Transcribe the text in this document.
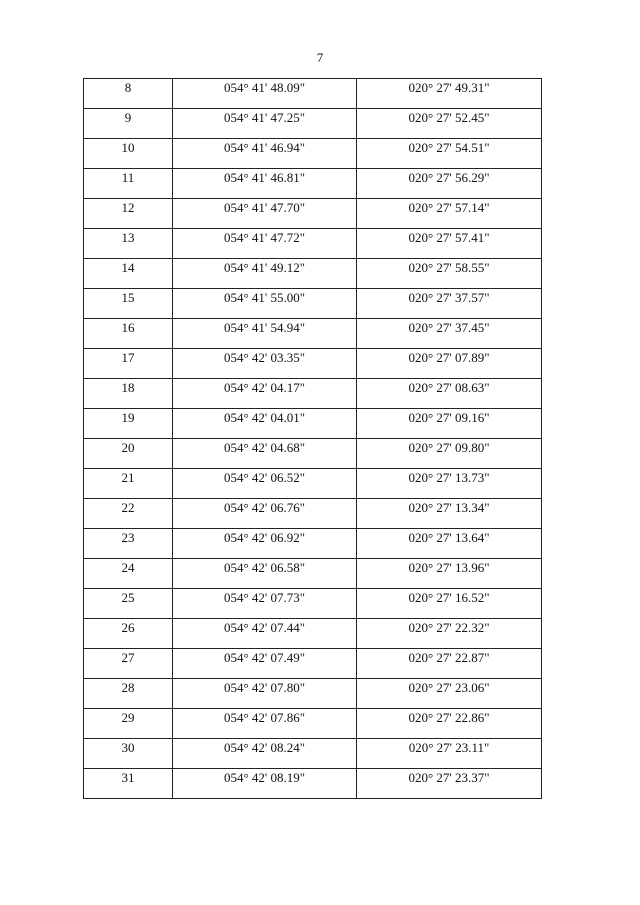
7
8	054° 41' 48.09"	020° 27' 49.31"
9	054° 41' 47.25"	020° 27' 52.45"
10	054° 41' 46.94"	020° 27' 54.51"
11	054° 41' 46.81"	020° 27' 56.29"
12	054° 41' 47.70"	020° 27' 57.14"
13	054° 41' 47.72"	020° 27' 57.41"
14	054° 41' 49.12"	020° 27' 58.55"
15	054° 41' 55.00"	020° 27' 37.57"
16	054° 41' 54.94"	020° 27' 37.45"
17	054° 42' 03.35"	020° 27' 07.89"
18	054° 42' 04.17"	020° 27' 08.63"
19	054° 42' 04.01"	020° 27' 09.16"
20	054° 42' 04.68"	020° 27' 09.80"
21	054° 42' 06.52"	020° 27' 13.73"
22	054° 42' 06.76"	020° 27' 13.34"
23	054° 42' 06.92"	020° 27' 13.64"
24	054° 42' 06.58"	020° 27' 13.96"
25	054° 42' 07.73"	020° 27' 16.52"
26	054° 42' 07.44"	020° 27' 22.32"
27	054° 42' 07.49"	020° 27' 22.87"
28	054° 42' 07.80"	020° 27' 23.06"
29	054° 42' 07.86"	020° 27' 22.86"
30	054° 42' 08.24"	020° 27' 23.11"
31	054° 42' 08.19"	020° 27' 23.37"
